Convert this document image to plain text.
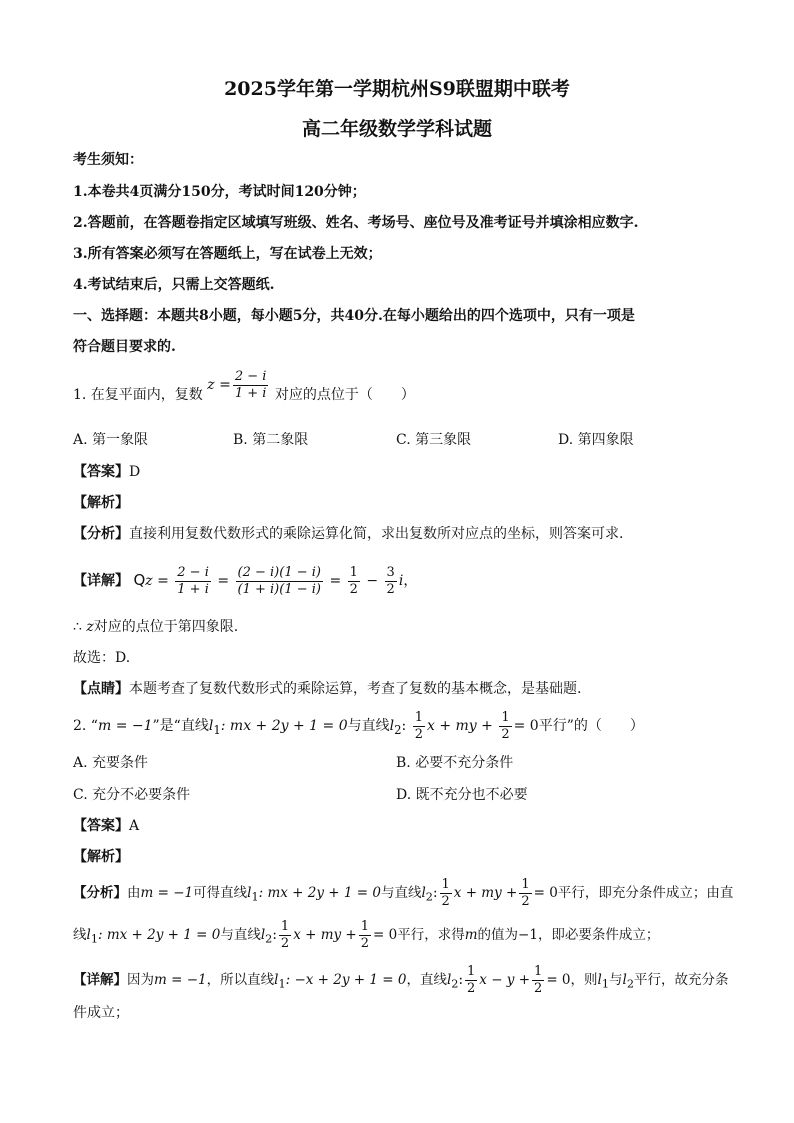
2025学年第一学期杭州S9联盟期中联考
高二年级数学学科试题
考生须知：
1.本卷共4页满分150分，考试时间120分钟；
2.答题前，在答题卷指定区域填写班级、姓名、考场号、座位号及准考证号并填涂相应数字.
3.所有答案必须写在答题纸上，写在试卷上无效；
4.考试结束后，只需上交答题纸.
一、选择题：本题共8小题，每小题5分，共40分.在每小题给出的四个选项中，只有一项是
符合题目要求的.
1. 在复平面内，复数 $z = \frac{2 - i}{1 + i}$ 对应的点位于（　　）
A. 第一象限	B. 第二象限	C. 第三象限	D. 第四象限
【答案】D
【解析】
【分析】直接利用复数代数形式的乘除运算化简，求出复数所对应点的坐标，则答案可求.
【详解】 $Qz = \frac{2 - i}{1 + i} = \frac{(2 - i)(1 - i)}{(1 + i)(1 - i)} = \frac{1}{2} - \frac{3}{2}$ i，
∴ z对应的点位于第四象限.
故选：D.
【点睛】本题考查了复数代数形式的乘除运算，考查了复数的基本概念，是基础题.
2. “m = −1”是“直线$l_1$: mx + 2y + 1 = 0与直线$l_2$: $\frac{1}{2}$ x + my + $\frac{1}{2} = 0$平行”的（　　）
A. 充要条件	B. 必要不充分条件
C. 充分不必要条件	D. 既不充分也不必要
【答案】A
【解析】
【分析】由m = −1可得直线$l_1$: mx + 2y + 1 = 0与直线$l_2$: $\frac{1}{2}$ x + my + $\frac{1}{2} = 0$平行，即充分条件成立；由直
线$l_1$: mx + 2y + 1 = 0与直线$l_2$: $\frac{1}{2}$ x + my + $\frac{1}{2} = 0$平行，求得m的值为−1，即必要条件成立；
【详解】因为m = −1，所以直线$l_1$: −x + 2y + 1 = 0，直线$l_2$: $\frac{1}{2}$ $x - y + \frac{1}{2} = 0$，则$l_1$与$l_2$平行，故充分条
件成立；
